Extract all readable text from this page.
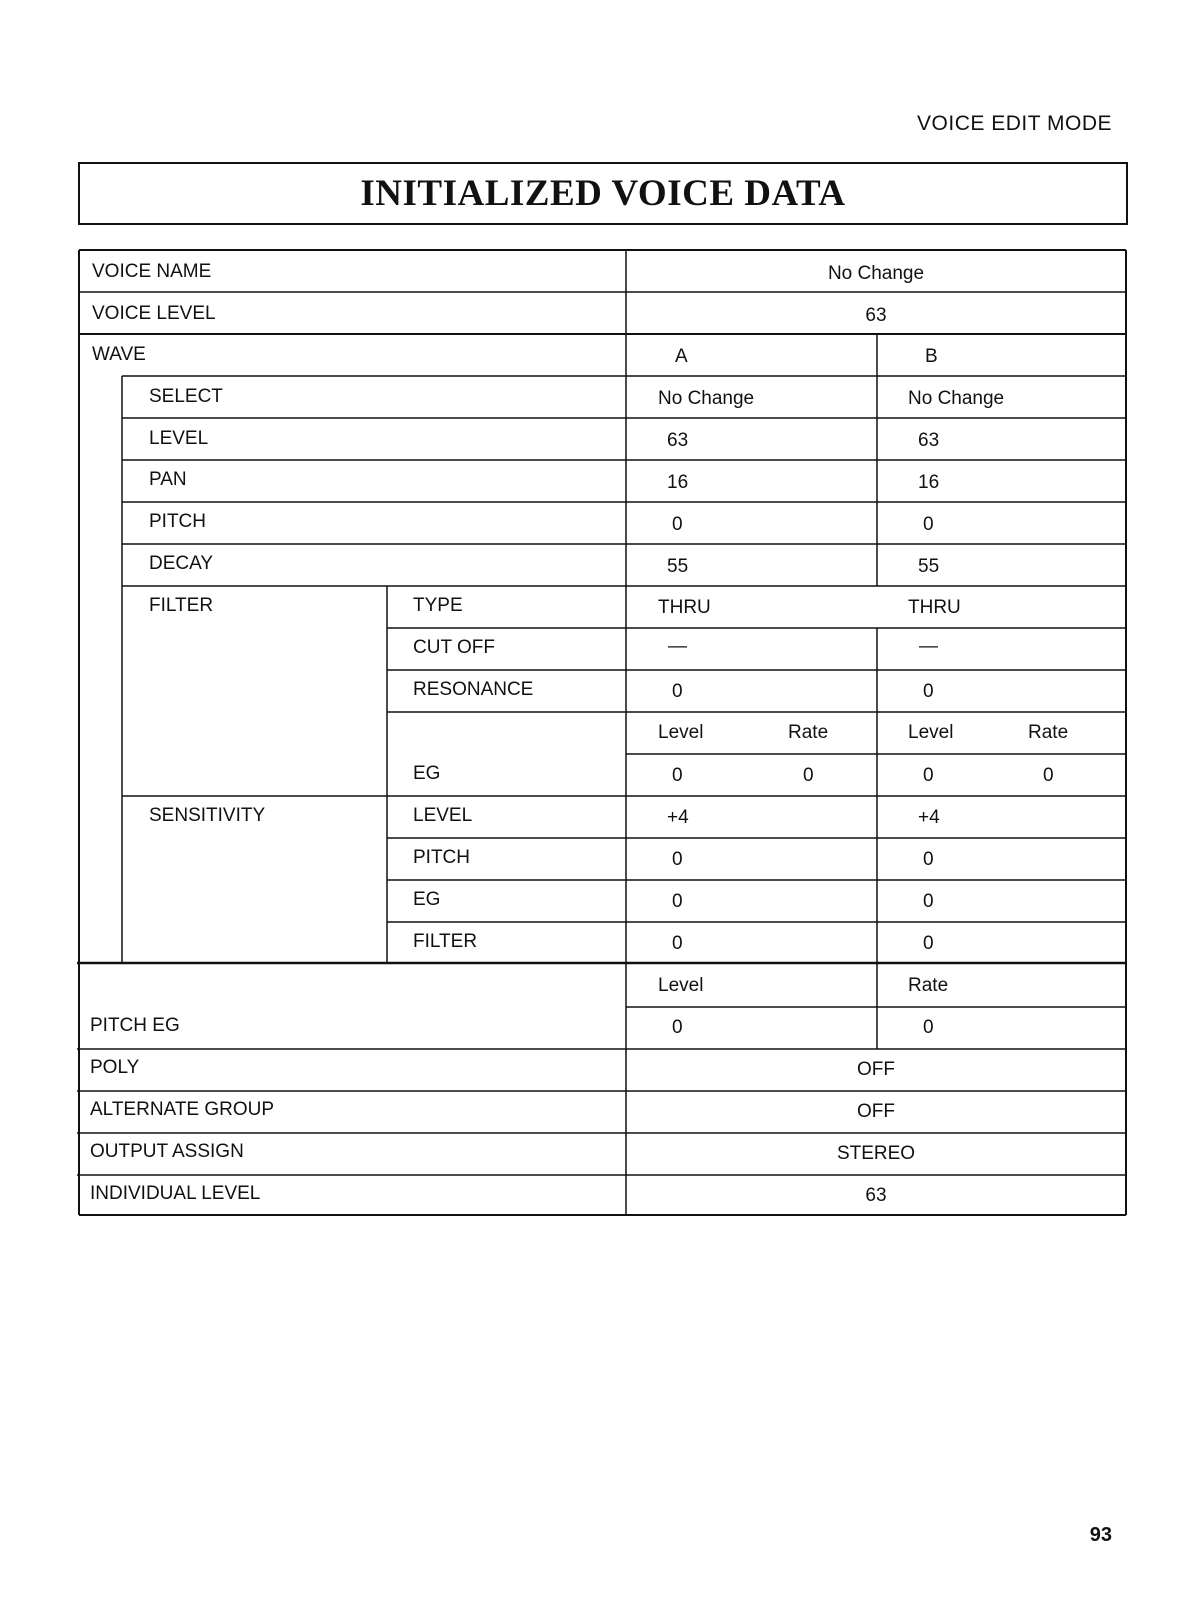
VOICE EDIT MODE
INITIALIZED VOICE DATA
VOICE NAME	No Change
VOICE LEVEL	63
WAVE	A	B
SELECT	No Change	No Change
LEVEL	63	63
PAN	16	16
PITCH	0	0
DECAY	55	55
FILTER	TYPE	THRU	THRU
CUT OFF	—	—
RESONANCE	0	0
Level	Rate	Level	Rate
EG	0	0	0	0
SENSITIVITY	LEVEL	+4	+4
PITCH	0	0
EG	0	0
FILTER	0	0
Level	Rate
PITCH EG	0	0
POLY	OFF
ALTERNATE GROUP	OFF
OUTPUT ASSIGN	STEREO
INDIVIDUAL LEVEL	63
93
